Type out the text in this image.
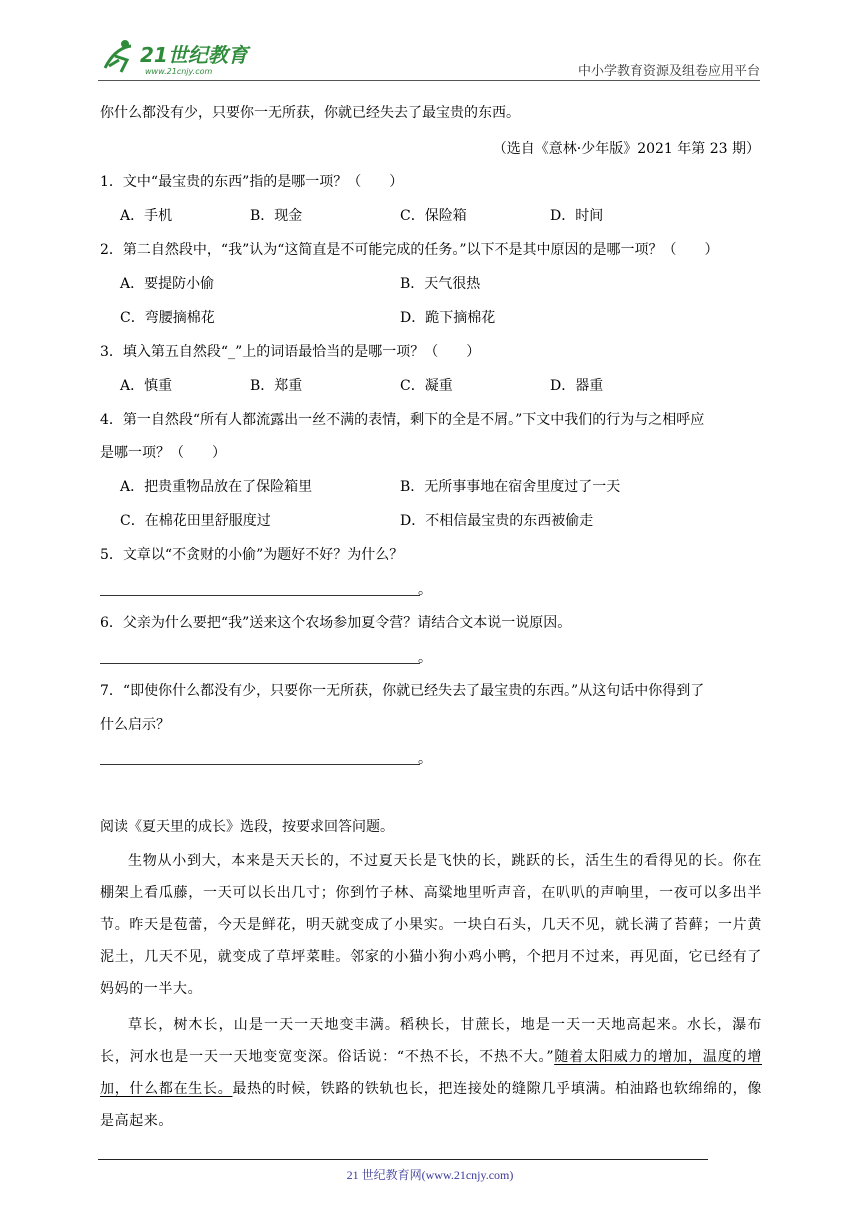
21世纪教育
www.21cnjy.com	中小学教育资源及组卷应用平台
你什么都没有少，只要你一无所获，你就已经失去了最宝贵的东西。
（选自《意林·少年版》2021 年第 23 期）
1．文中“最宝贵的东西”指的是哪一项？（　　）
A．手机	B．现金	C．保险箱	D．时间
2．第二自然段中，“我”认为“这简直是不可能完成的任务。”以下不是其中原因的是哪一项？（　　）
A．要提防小偷	B．天气很热
C．弯腰摘棉花	D．跪下摘棉花
3．填入第五自然段“_”上的词语最恰当的是哪一项？（　　）
A．慎重	B．郑重	C．凝重	D．器重
4．第一自然段“所有人都流露出一丝不满的表情，剩下的全是不屑。”下文中我们的行为与之相呼应
是哪一项？（　　）
A．把贵重物品放在了保险箱里	B．无所事事地在宿舍里度过了一天
C．在棉花田里舒服度过	D．不相信最宝贵的东西被偷走
5．文章以“不贪财的小偷”为题好不好？为什么？
。
6．父亲为什么要把“我”送来这个农场参加夏令营？请结合文本说一说原因。
。
7．“即使你什么都没有少，只要你一无所获，你就已经失去了最宝贵的东西。”从这句话中你得到了
什么启示？
。
阅读《夏天里的成长》选段，按要求回答问题。

生物从小到大，本来是天天长的，不过夏天长是飞快的长，跳跃的长，活生生的看得见的长。你在棚架上看瓜藤，一天可以长出几寸；你到竹子林、高粱地里听声音，在叭叭的声响里，一夜可以多出半节。昨天是苞蕾，今天是鲜花，明天就变成了小果实。一块白石头，几天不见，就长满了苔藓；一片黄泥土，几天不见，就变成了草坪菜畦。邻家的小猫小狗小鸡小鸭，个把月不过来，再见面，它已经有了妈妈的一半大。

草长，树木长，山是一天一天地变丰满。稻秧长，甘蔗长，地是一天一天地高起来。水长，瀑布长，河水也是一天一天地变宽变深。俗话说：“不热不长，不热不大。”随着太阳威力的增加，温度的增加，什么都在生长。最热的时候，铁路的铁轨也长，把连接处的缝隙几乎填满。柏油路也软绵绵的，像是高起来。

21 世纪教育网(www.21cnjy.com)
